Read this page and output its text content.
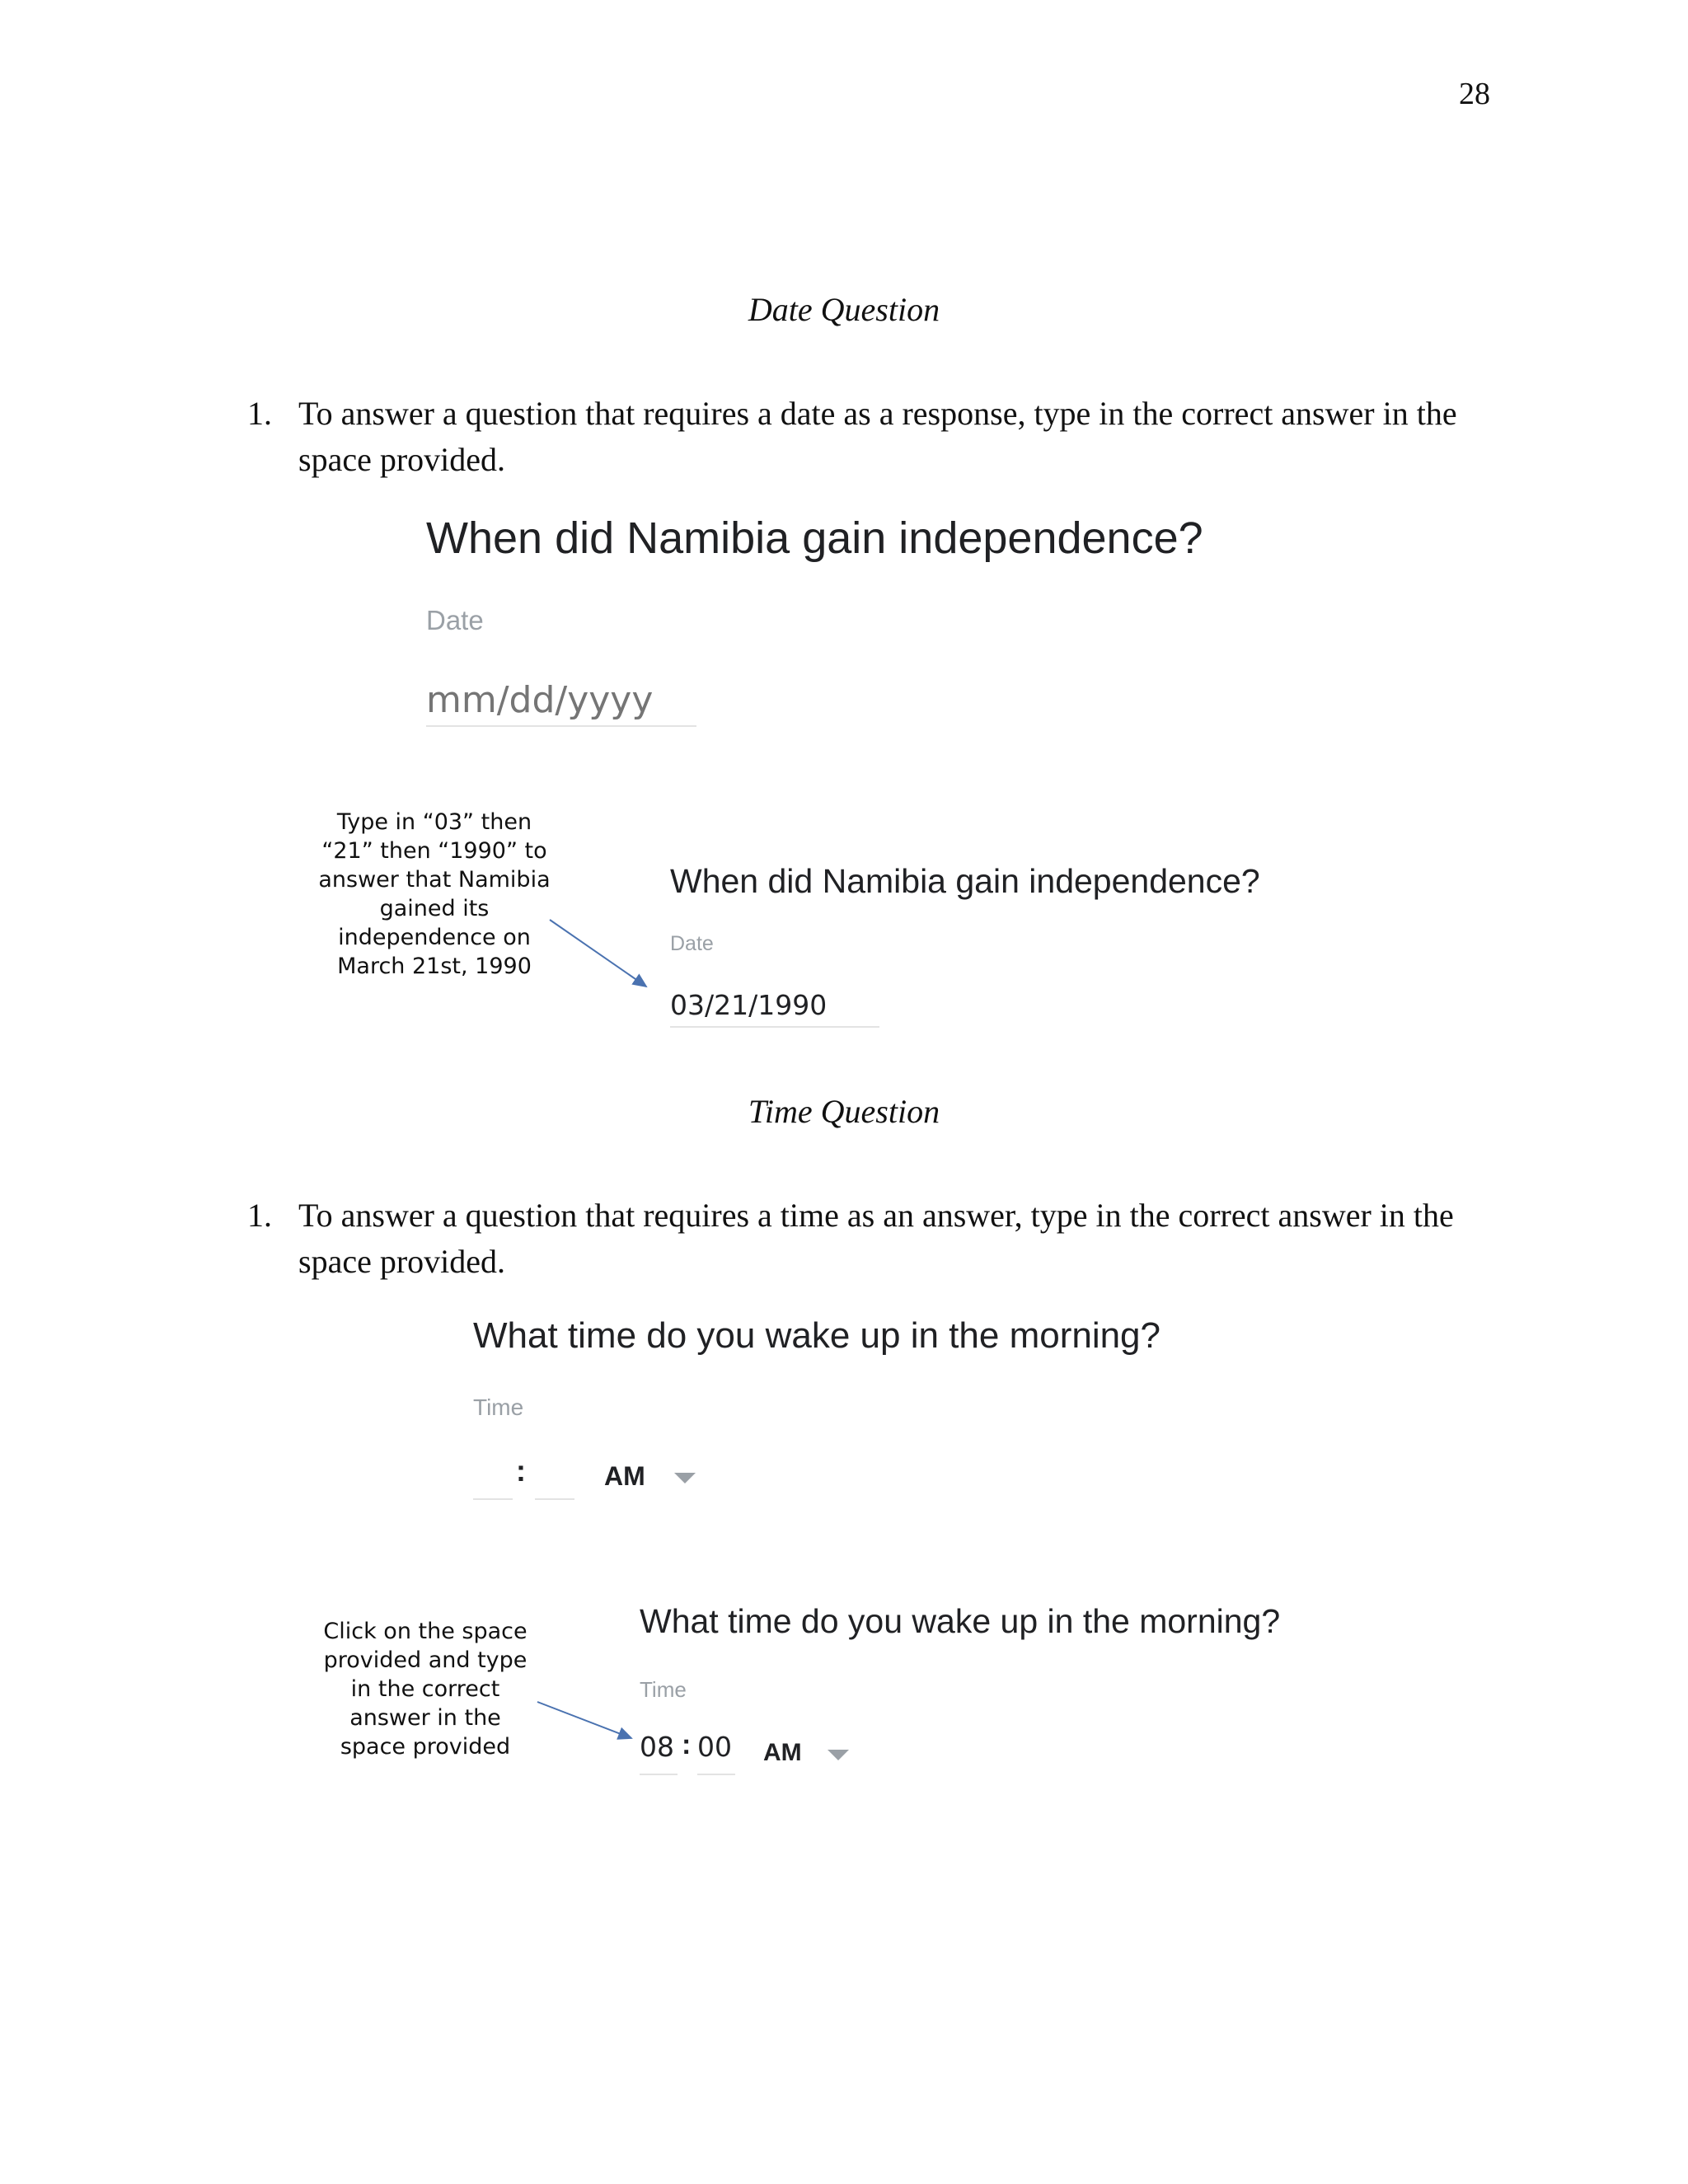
28
Date Question
1. To answer a question that requires a date as a response, type in the correct answer in the space provided.
When did Namibia gain independence?
Date
mm/dd/yyyy
Type in “03” then “21” then “1990” to answer that Namibia gained its independence on March 21st, 1990
When did Namibia gain independence?
Date
03/21/1990
Time Question
1. To answer a question that requires a time as an answer, type in the correct answer in the space provided.
What time do you wake up in the morning?
Time
:	AM
Click on the space provided and type in the correct answer in the space provided
What time do you wake up in the morning?
Time
08 : 00 AM
